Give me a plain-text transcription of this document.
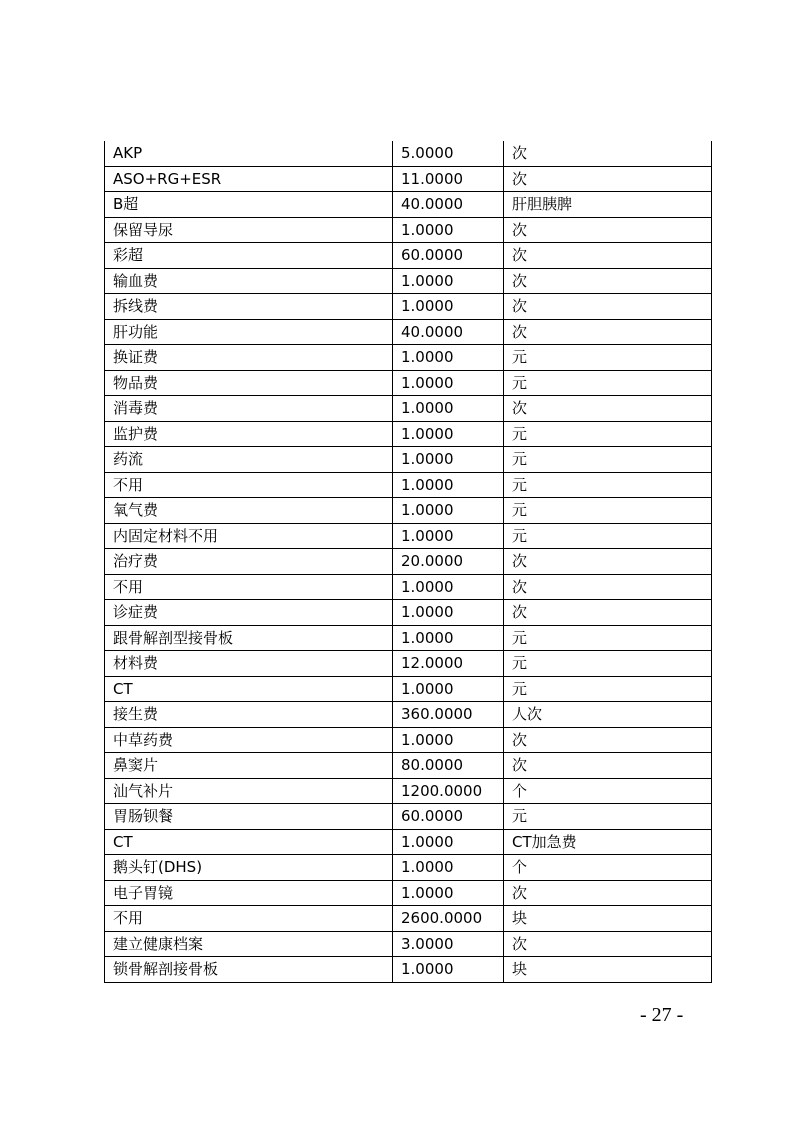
AKP	5.0000	次
ASO+RG+ESR	11.0000	次
B超	40.0000	肝胆胰脾
保留导尿	1.0000	次
彩超	60.0000	次
输血费	1.0000	次
拆线费	1.0000	次
肝功能	40.0000	次
换证费	1.0000	元
物品费	1.0000	元
消毒费	1.0000	次
监护费	1.0000	元
药流	1.0000	元
不用	1.0000	元
氧气费	1.0000	元
内固定材料不用	1.0000	元
治疗费	20.0000	次
不用	1.0000	次
诊症费	1.0000	次
跟骨解剖型接骨板	1.0000	元
材料费	12.0000	元
CT	1.0000	元
接生费	360.0000	人次
中草药费	1.0000	次
鼻窦片	80.0000	次
汕气补片	1200.0000	个
胃肠钡餐	60.0000	元
CT	1.0000	CT加急费
鹅头钉(DHS)	1.0000	个
电子胃镜	1.0000	次
不用	2600.0000	块
建立健康档案	3.0000	次
锁骨解剖接骨板	1.0000	块
- 27 -
